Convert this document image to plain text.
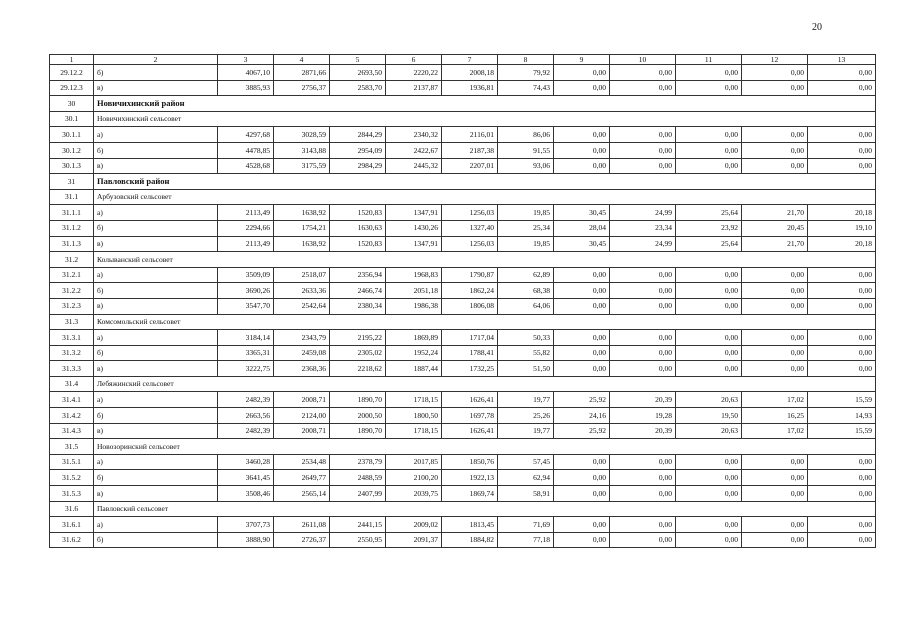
20
1	2	3	4	5	6	7	8	9	10	11	12	13
29.12.2	б)	4067,10	2871,66	2693,50	2220,22	2008,18	79,92	0,00	0,00	0,00	0,00	0,00
29.12.3	в)	3885,93	2756,37	2583,70	2137,87	1936,81	74,43	0,00	0,00	0,00	0,00	0,00
30	Новичихинский район											
30.1	Новичихинский сельсовет											
30.1.1	а)	4297,68	3028,59	2844,29	2340,32	2116,01	86,06	0,00	0,00	0,00	0,00	0,00
30.1.2	б)	4478,85	3143,88	2954,09	2422,67	2187,38	91,55	0,00	0,00	0,00	0,00	0,00
30.1.3	в)	4528,68	3175,59	2984,29	2445,32	2207,01	93,06	0,00	0,00	0,00	0,00	0,00
31	Павловский район											
31.1	Арбузовский сельсовет											
31.1.1	а)	2113,49	1638,92	1520,83	1347,91	1256,03	19,85	30,45	24,99	25,64	21,70	20,18
31.1.2	б)	2294,66	1754,21	1630,63	1430,26	1327,40	25,34	28,04	23,34	23,92	20,45	19,10
31.1.3	в)	2113,49	1638,92	1520,83	1347,91	1256,03	19,85	30,45	24,99	25,64	21,70	20,18
31.2	Колыванский сельсовет											
31.2.1	а)	3509,09	2518,07	2356,94	1968,83	1790,87	62,89	0,00	0,00	0,00	0,00	0,00
31.2.2	б)	3690,26	2633,36	2466,74	2051,18	1862,24	68,38	0,00	0,00	0,00	0,00	0,00
31.2.3	в)	3547,70	2542,64	2380,34	1986,38	1806,08	64,06	0,00	0,00	0,00	0,00	0,00
31.3	Комсомольский сельсовет											
31.3.1	а)	3184,14	2343,79	2195,22	1869,89	1717,04	50,33	0,00	0,00	0,00	0,00	0,00
31.3.2	б)	3365,31	2459,08	2305,02	1952,24	1788,41	55,82	0,00	0,00	0,00	0,00	0,00
31.3.3	в)	3222,75	2368,36	2218,62	1887,44	1732,25	51,50	0,00	0,00	0,00	0,00	0,00
31.4	Лебяжинский сельсовет											
31.4.1	а)	2482,39	2008,71	1890,70	1718,15	1626,41	19,77	25,92	20,39	20,63	17,02	15,59
31.4.2	б)	2663,56	2124,00	2000,50	1800,50	1697,78	25,26	24,16	19,28	19,50	16,25	14,93
31.4.3	в)	2482,39	2008,71	1890,70	1718,15	1626,41	19,77	25,92	20,39	20,63	17,02	15,59
31.5	Новозоринский сельсовет											
31.5.1	а)	3460,28	2534,48	2378,79	2017,85	1850,76	57,45	0,00	0,00	0,00	0,00	0,00
31.5.2	б)	3641,45	2649,77	2488,59	2100,20	1922,13	62,94	0,00	0,00	0,00	0,00	0,00
31.5.3	в)	3508,46	2565,14	2407,99	2039,75	1869,74	58,91	0,00	0,00	0,00	0,00	0,00
31.6	Павловский сельсовет											
31.6.1	а)	3707,73	2611,08	2441,15	2009,02	1813,45	71,69	0,00	0,00	0,00	0,00	0,00
31.6.2	б)	3888,90	2726,37	2550,95	2091,37	1884,82	77,18	0,00	0,00	0,00	0,00	0,00
